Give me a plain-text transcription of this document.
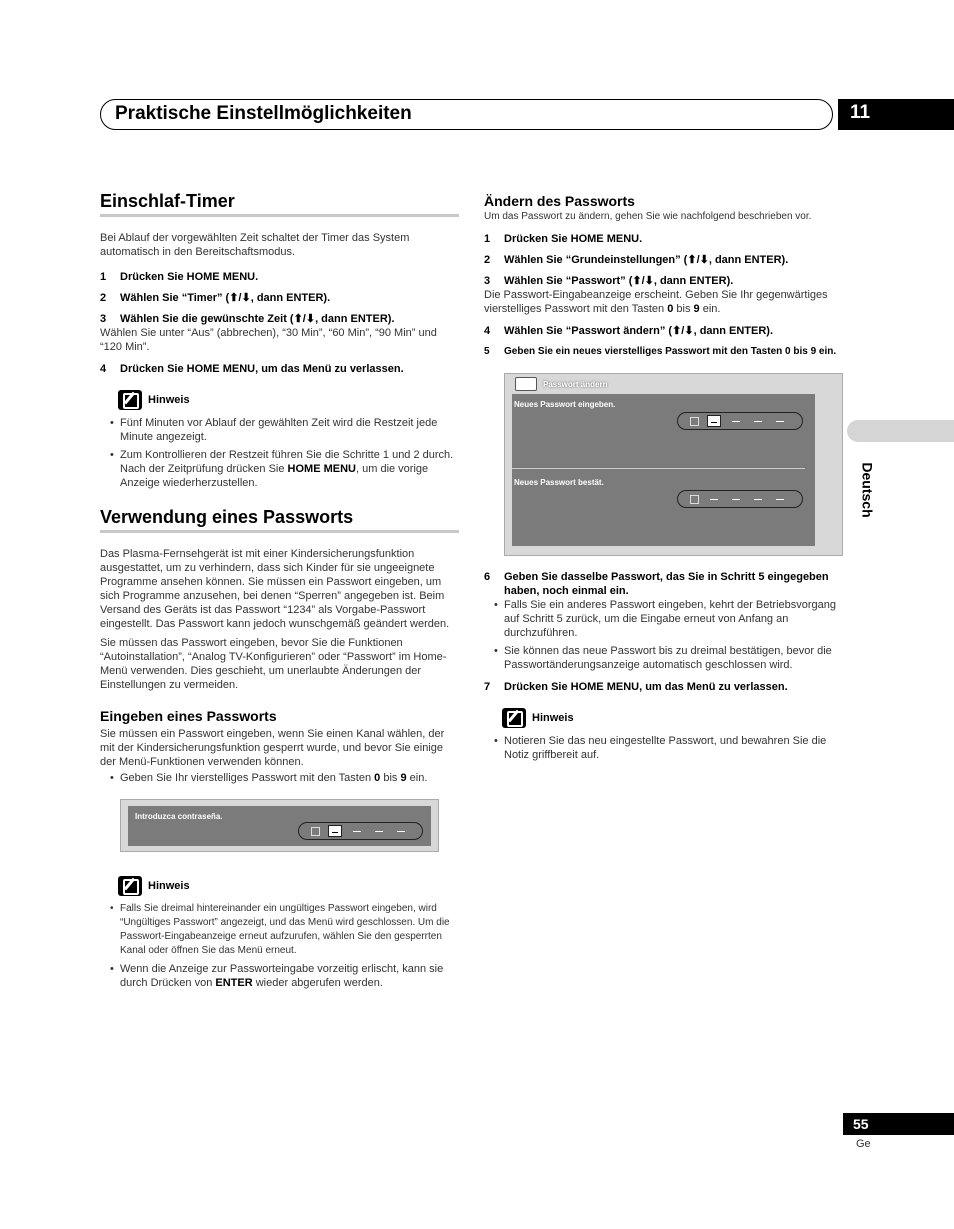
Praktische Einstellmöglichkeiten	11
Deutsch
Einschlaf-Timer

Bei Ablauf der vorgewählten Zeit schaltet der Timer das System automatisch in den Bereitschaftsmodus.

1	Drücken Sie HOME MENU.
2	Wählen Sie “Timer” (⬆/⬇, dann ENTER).
3	Wählen Sie die gewünschte Zeit (⬆/⬇, dann ENTER).

Wählen Sie unter “Aus” (abbrechen), “30 Min”, “60 Min”, “90 Min” und “120 Min”.

4	Drücken Sie HOME MENU, um das Menü zu verlassen.
Hinweis
• Fünf Minuten vor Ablauf der gewählten Zeit wird die Restzeit jede Minute angezeigt.
• Zum Kontrollieren der Restzeit führen Sie die Schritte 1 und 2 durch. Nach der Zeitprüfung drücken Sie HOME MENU, um die vorige Anzeige wiederherzustellen.
Verwendung eines Passworts

Das Plasma-Fernsehgerät ist mit einer Kindersicherungsfunktion ausgestattet, um zu verhindern, dass sich Kinder für sie ungeeignete Programme ansehen können. Sie müssen ein Passwort eingeben, um sich Programme anzusehen, bei denen “Sperren” angegeben ist. Beim Versand des Geräts ist das Passwort “1234” als Vorgabe-Passwort eingestellt. Das Passwort kann jedoch wunschgemäß geändert werden.

Sie müssen das Passwort eingeben, bevor Sie die Funktionen “Autoinstallation”, “Analog TV-Konfigurieren” oder “Passwort” im Home-Menü verwenden. Dies geschieht, um unerlaubte Änderungen der Einstellungen zu vermeiden.

Eingeben eines Passworts

Sie müssen ein Passwort eingeben, wenn Sie einen Kanal wählen, der mit der Kindersicherungsfunktion gesperrt wurde, und bevor Sie einige der Menü-Funktionen verwenden können.

• Geben Sie Ihr vierstelliges Passwort mit den Tasten 0 bis 9 ein.
Introduzca contraseña.
Hinweis
• Falls Sie dreimal hintereinander ein ungültiges Passwort eingeben, wird “Ungültiges Passwort” angezeigt, und das Menü wird geschlossen. Um die Passwort-Eingabeanzeige erneut aufzurufen, wählen Sie den gesperrten Kanal oder öffnen Sie das Menü erneut.
• Wenn die Anzeige zur Passworteingabe vorzeitig erlischt, kann sie durch Drücken von ENTER wieder abgerufen werden.
Ändern des Passworts

Um das Passwort zu ändern, gehen Sie wie nachfolgend beschrieben vor.

1	Drücken Sie HOME MENU.
2	Wählen Sie “Grundeinstellungen” (⬆/⬇, dann ENTER).
3	Wählen Sie “Passwort” (⬆/⬇, dann ENTER).

Die Passwort-Eingabeanzeige erscheint. Geben Sie Ihr gegenwärtiges vierstelliges Passwort mit den Tasten 0 bis 9 ein.

4	Wählen Sie “Passwort ändern” (⬆/⬇, dann ENTER).
5	Geben Sie ein neues vierstelliges Passwort mit den Tasten 0 bis 9 ein.
Passwort ändern
Neues Passwort eingeben.
Neues Passwort bestät.
6	Geben Sie dasselbe Passwort, das Sie in Schritt 5 eingegeben haben, noch einmal ein.
• Falls Sie ein anderes Passwort eingeben, kehrt der Betriebsvorgang auf Schritt 5 zurück, um die Eingabe erneut von Anfang an durchzuführen.
• Sie können das neue Passwort bis zu dreimal bestätigen, bevor die Passwortänderungsanzeige automatisch geschlossen wird.
7	Drücken Sie HOME MENU, um das Menü zu verlassen.
Hinweis
• Notieren Sie das neu eingestellte Passwort, und bewahren Sie die Notiz griffbereit auf.
55
Ge
